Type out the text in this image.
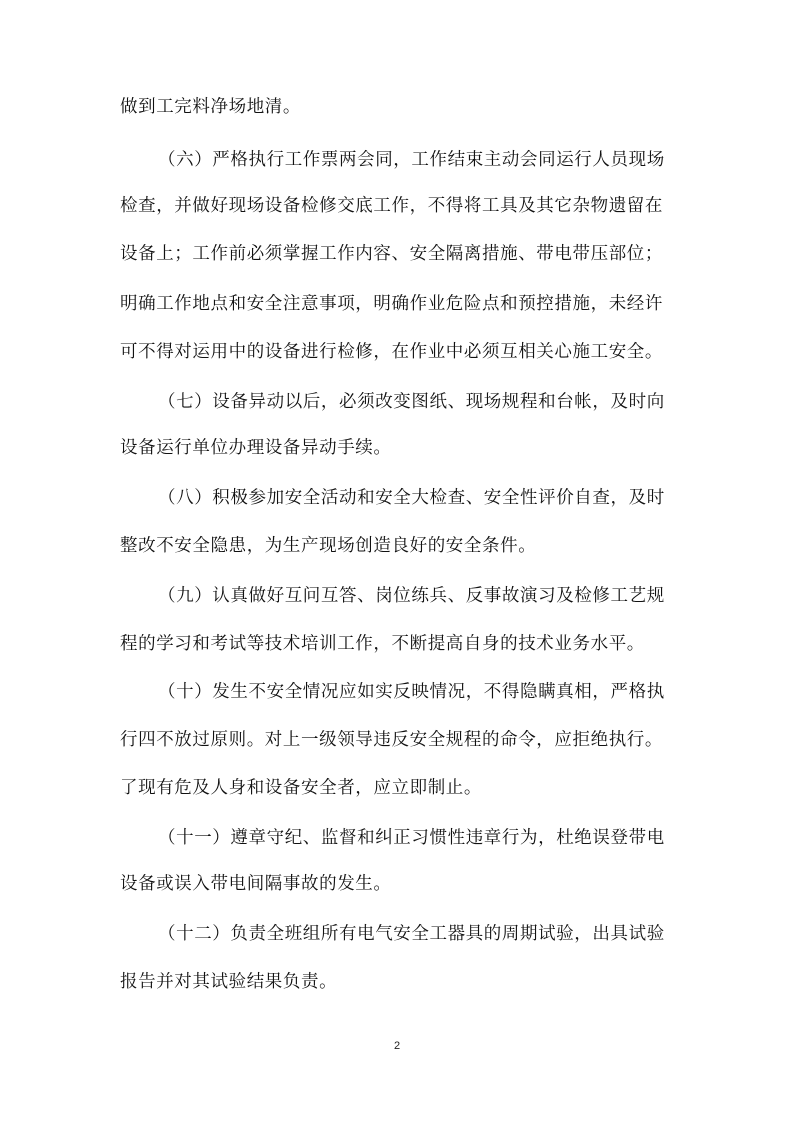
做到工完料净场地清。
（六）严格执行工作票两会同，工作结束主动会同运行人员现场
检查，并做好现场设备检修交底工作，不得将工具及其它杂物遗留在
设备上；工作前必须掌握工作内容、安全隔离措施、带电带压部位；
明确工作地点和安全注意事项，明确作业危险点和预控措施，未经许
可不得对运用中的设备进行检修，在作业中必须互相关心施工安全。
（七）设备异动以后，必须改变图纸、现场规程和台帐，及时向
设备运行单位办理设备异动手续。
（八）积极参加安全活动和安全大检查、安全性评价自查，及时
整改不安全隐患，为生产现场创造良好的安全条件。
（九）认真做好互问互答、岗位练兵、反事故演习及检修工艺规
程的学习和考试等技术培训工作，不断提高自身的技术业务水平。
（十）发生不安全情况应如实反映情况，不得隐瞒真相，严格执
行四不放过原则。对上一级领导违反安全规程的命令，应拒绝执行。
了现有危及人身和设备安全者，应立即制止。
（十一）遵章守纪、监督和纠正习惯性违章行为，杜绝误登带电
设备或误入带电间隔事故的发生。
（十二）负责全班组所有电气安全工器具的周期试验，出具试验
报告并对其试验结果负责。
2
